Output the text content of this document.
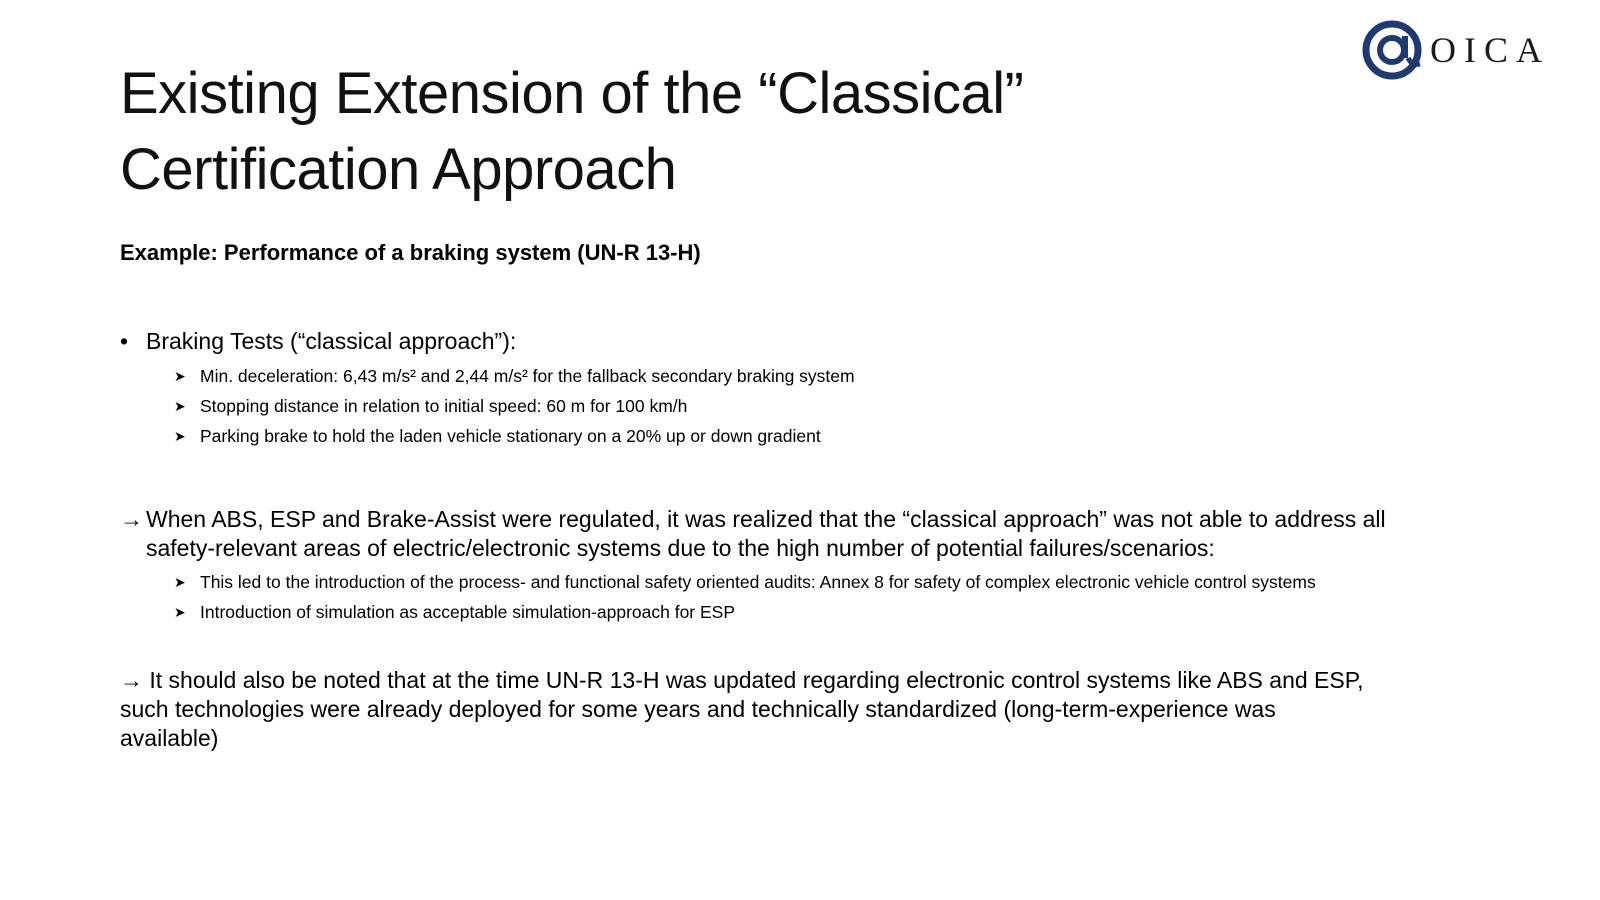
OICA
Existing Extension of the “Classical”
Certification Approach
Example: Performance of a braking system (UN-R 13-H)
• Braking Tests (“classical approach”):
➤ Min. deceleration: 6,43 m/s² and 2,44 m/s² for the fallback secondary braking system
➤ Stopping distance in relation to initial speed: 60 m for 100 km/h
➤ Parking brake to hold the laden vehicle stationary on a 20% up or down gradient
→ When ABS, ESP and Brake-Assist were regulated, it was realized that the “classical approach” was not able to address all
safety-relevant areas of electric/electronic systems due to the high number of potential failures/scenarios:
➤ This led to the introduction of the process- and functional safety oriented audits: Annex 8 for safety of complex electronic vehicle control systems
➤ Introduction of simulation as acceptable simulation-approach for ESP
→ It should also be noted that at the time UN-R 13-H was updated regarding electronic control systems like ABS and ESP,
such technologies were already deployed for some years and technically standardized (long-term-experience was
available)
